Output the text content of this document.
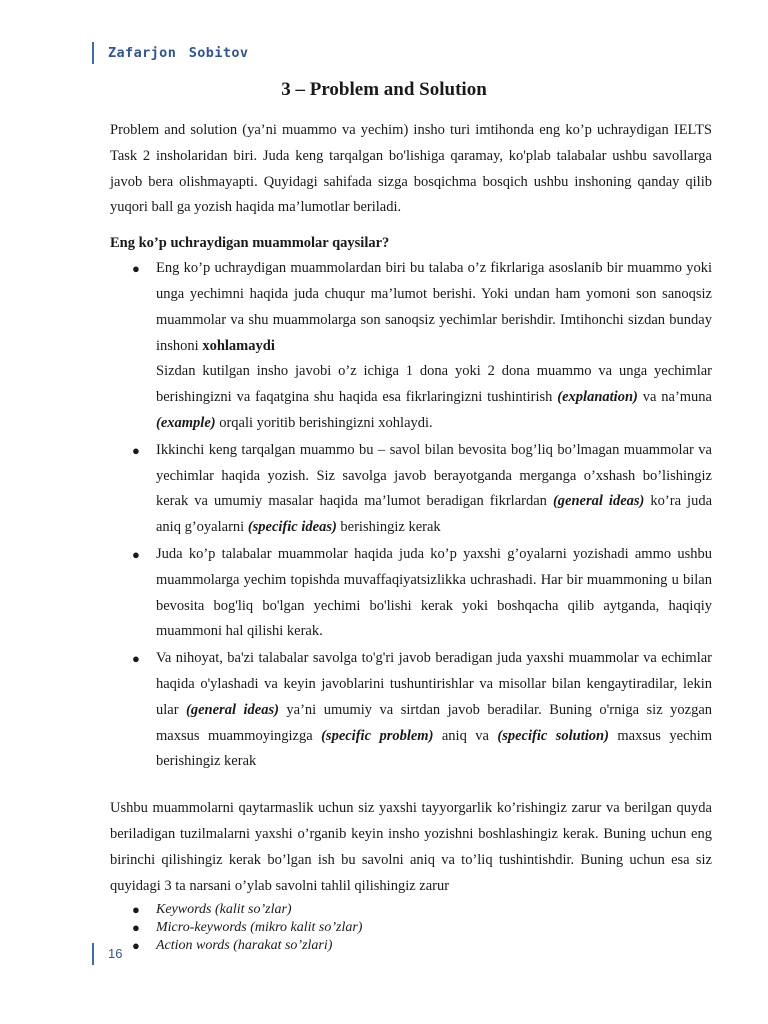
Zafarjon Sobitov
3 – Problem and Solution

Problem and solution (ya’ni muammo va yechim) insho turi imtihonda eng ko’p uchraydigan IELTS Task 2 insholaridan biri. Juda keng tarqalgan bo'lishiga qaramay, ko'plab talabalar ushbu savollarga javob bera olishmayapti. Quyidagi sahifada sizga bosqichma bosqich ushbu inshoning qanday qilib yuqori ball ga yozish haqida ma’lumotlar beriladi.

Eng ko’p uchraydigan muammolar qaysilar?
● Eng ko’p uchraydigan muammolardan biri bu talaba o’z fikrlariga asoslanib bir muammo yoki unga yechimni haqida juda chuqur ma’lumot berishi. Yoki undan ham yomoni son sanoqsiz muammolar va shu muammolarga son sanoqsiz yechimlar berishdir. Imtihonchi sizdan bunday inshoni xohlamaydi
Sizdan kutilgan insho javobi o’z ichiga 1 dona yoki 2 dona muammo va unga yechimlar berishingizni va faqatgina shu haqida esa fikrlaringizni tushintirish (explanation) va na’muna (example) orqali yoritib berishingizni xohlaydi.
● Ikkinchi keng tarqalgan muammo bu – savol bilan bevosita bog’liq bo’lmagan muammolar va yechimlar haqida yozish. Siz savolga javob berayotganda merganga o’xshash bo’lishingiz kerak va umumiy masalar haqida ma’lumot beradigan fikrlardan (general ideas) ko’ra juda aniq g’oyalarni (specific ideas) berishingiz kerak
● Juda ko’p talabalar muammolar haqida juda ko’p yaxshi g’oyalarni yozishadi ammo ushbu muammolarga yechim topishda muvaffaqiyatsizlikka uchrashadi. Har bir muammoning u bilan bevosita bog'liq bo'lgan yechimi bo'lishi kerak yoki boshqacha qilib aytganda, haqiqiy muammoni hal qilishi kerak.
● Va nihoyat, ba'zi talabalar savolga to'g'ri javob beradigan juda yaxshi muammolar va echimlar haqida o'ylashadi va keyin javoblarini tushuntirishlar va misollar bilan kengaytiradilar, lekin ular (general ideas) ya’ni umumiy va sirtdan javob beradilar. Buning o'rniga siz yozgan maxsus muammoyingizga (specific problem) aniq va (specific solution) maxsus yechim berishingiz kerak

Ushbu muammolarni qaytarmaslik uchun siz yaxshi tayyorgarlik ko’rishingiz zarur va berilgan quyda beriladigan tuzilmalarni yaxshi o’rganib keyin insho yozishni boshlashingiz kerak. Buning uchun eng birinchi qilishingiz kerak bo’lgan ish bu savolni aniq va to’liq tushintishdir. Buning uchun esa siz quyidagi 3 ta narsani o’ylab savolni tahlil qilishingiz zarur

● Keywords (kalit so’zlar)
● Micro-keywords (mikro kalit so’zlar)
● Action words (harakat so’zlari)
16
